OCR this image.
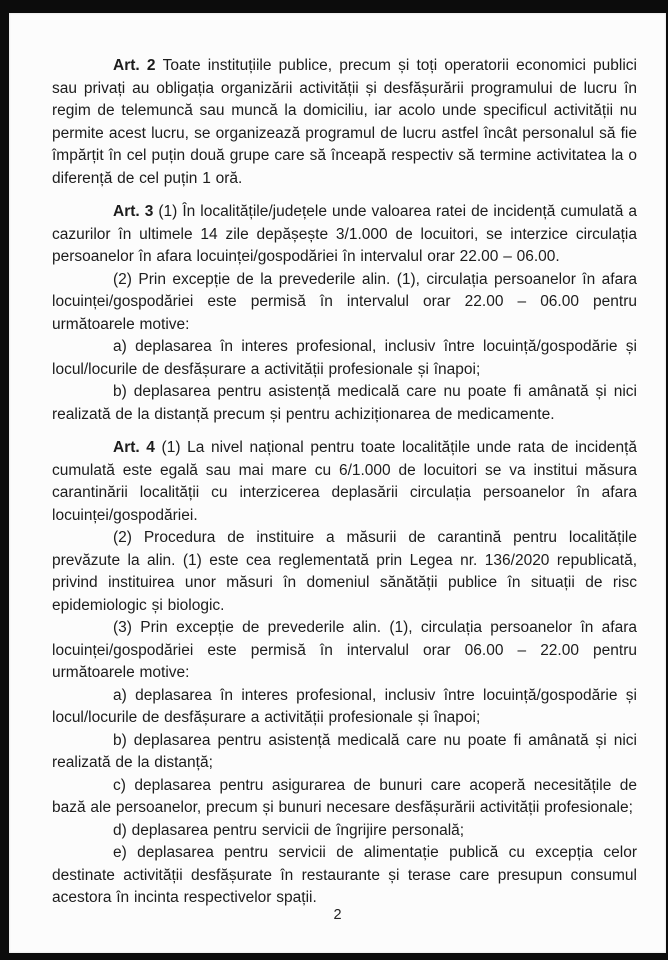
Art. 2 Toate instituțiile publice, precum și toți operatorii economici publici sau privați au obligația organizării activității și desfășurării programului de lucru în regim de telemuncă sau muncă la domiciliu, iar acolo unde specificul activității nu permite acest lucru, se organizează programul de lucru astfel încât personalul să fie împărțit în cel puțin două grupe care să înceapă respectiv să termine activitatea la o diferență de cel puțin 1 oră.

Art. 3 (1) În localitățile/județele unde valoarea ratei de incidență cumulată a cazurilor în ultimele 14 zile depășește 3/1.000 de locuitori, se interzice circulația persoanelor în afara locuinței/gospodăriei în intervalul orar 22.00 – 06.00.

(2) Prin excepție de la prevederile alin. (1), circulația persoanelor în afara locuinței/gospodăriei este permisă în intervalul orar 22.00 – 06.00 pentru următoarele motive:

a) deplasarea în interes profesional, inclusiv între locuință/gospodărie și locul/locurile de desfășurare a activității profesionale și înapoi;

b) deplasarea pentru asistență medicală care nu poate fi amânată și nici realizată de la distanță precum și pentru achiziționarea de medicamente.

Art. 4 (1) La nivel național pentru toate localitățile unde rata de incidență cumulată este egală sau mai mare cu 6/1.000 de locuitori se va institui măsura carantinării localității cu interzicerea deplasării circulația persoanelor în afara locuinței/gospodăriei.

(2) Procedura de instituire a măsurii de carantină pentru localitățile prevăzute la alin. (1) este cea reglementată prin Legea nr. 136/2020 republicată, privind instituirea unor măsuri în domeniul sănătății publice în situații de risc epidemiologic și biologic.

(3) Prin excepție de prevederile alin. (1), circulația persoanelor în afara locuinței/gospodăriei este permisă în intervalul orar 06.00 – 22.00 pentru următoarele motive:

a) deplasarea în interes profesional, inclusiv între locuință/gospodărie și locul/locurile de desfășurare a activității profesionale și înapoi;

b) deplasarea pentru asistență medicală care nu poate fi amânată și nici realizată de la distanță;

c) deplasarea pentru asigurarea de bunuri care acoperă necesitățile de bază ale persoanelor, precum și bunuri necesare desfășurării activității profesionale;

d) deplasarea pentru servicii de îngrijire personală;

e) deplasarea pentru servicii de alimentație publică cu excepția celor destinate activității desfășurate în restaurante și terase care presupun consumul acestora în incinta respectivelor spații.

2
